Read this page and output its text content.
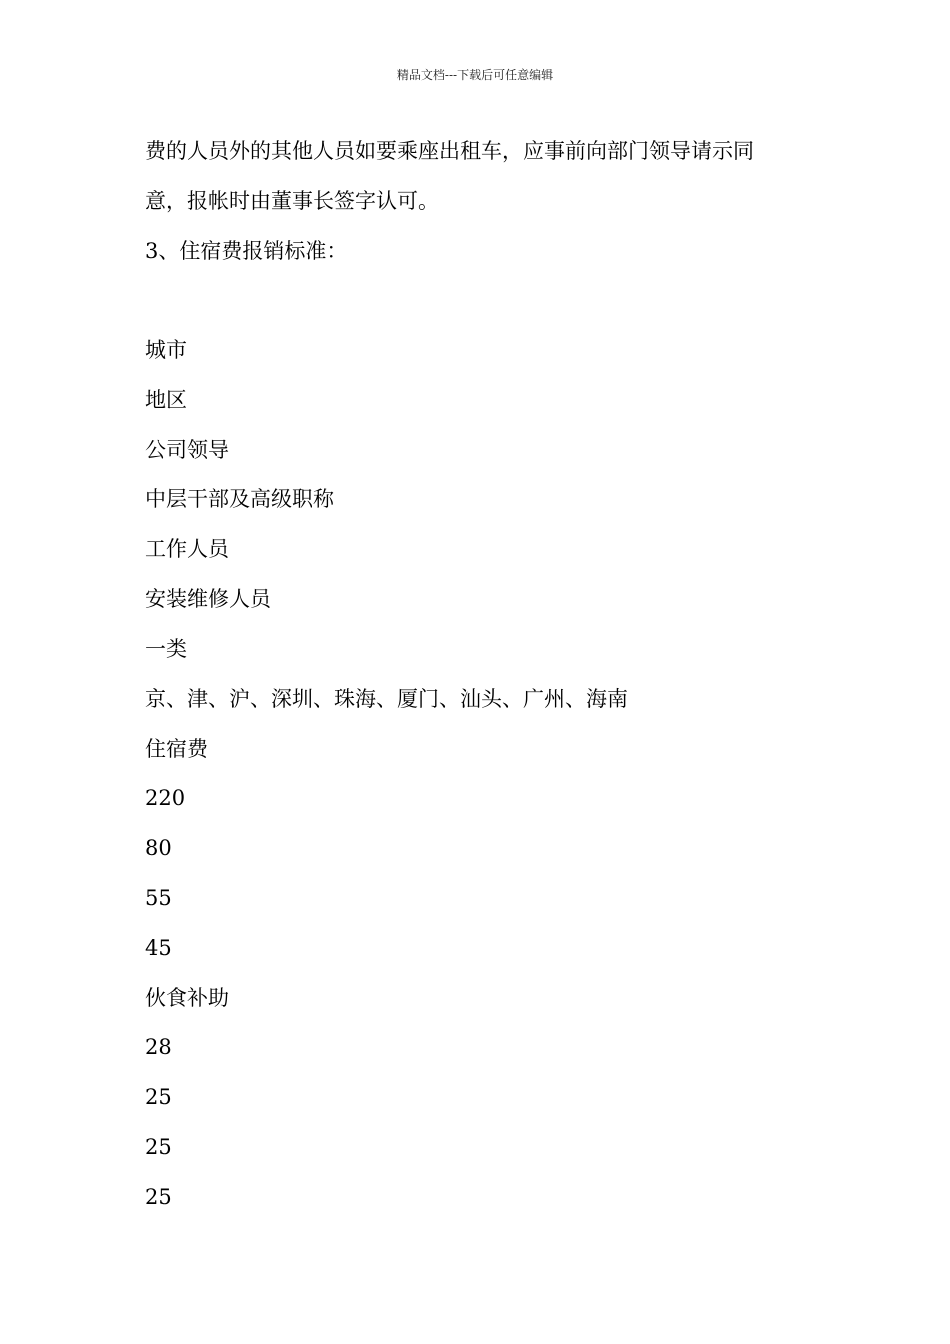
精品文档---下载后可任意编辑
费的人员外的其他人员如要乘座出租车，应事前向部门领导请示同
意，报帐时由董事长签字认可。
3、住宿费报销标准：
城市
地区
公司领导
中层干部及高级职称
工作人员
安装维修人员
一类
京、津、沪、深圳、珠海、厦门、汕头、广州、海南
住宿费
220
80
55
45
伙食补助
28
25
25
25
